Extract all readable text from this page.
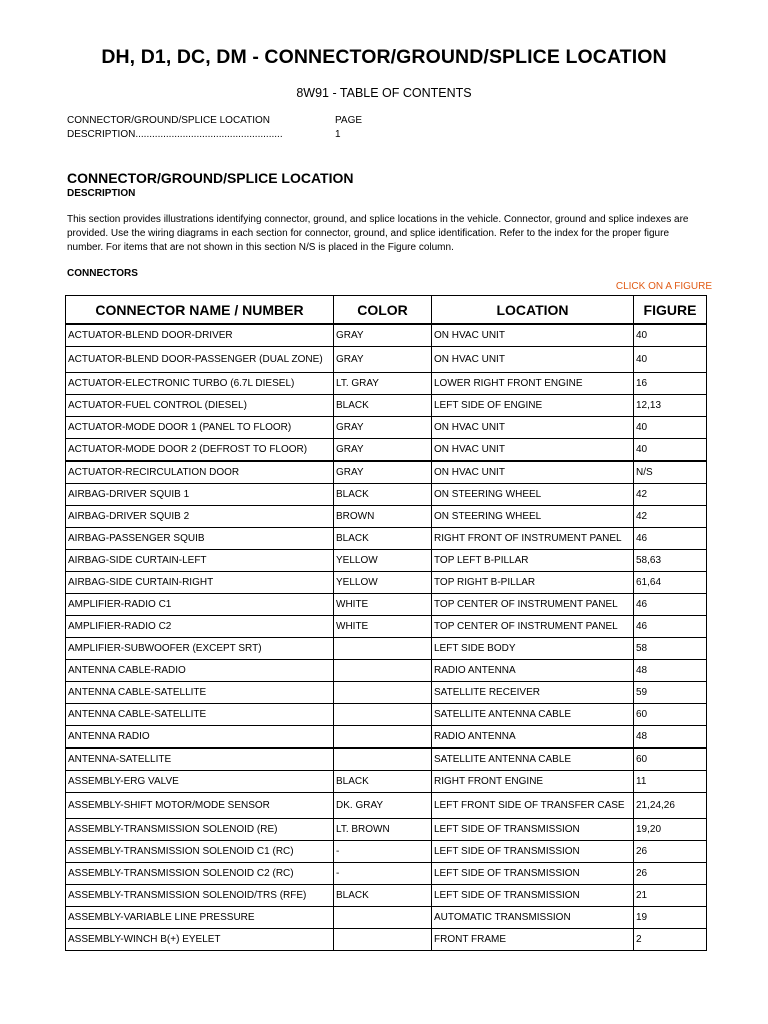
DH, D1, DC, DM - CONNECTOR/GROUND/SPLICE LOCATION
8W91 - TABLE OF CONTENTS
CONNECTOR/GROUND/SPLICE LOCATION	PAGE
DESCRIPTION.....................................................	1
CONNECTOR/GROUND/SPLICE LOCATION
DESCRIPTION
This section provides illustrations identifying connector, ground, and splice locations in the vehicle. Connector, ground and splice indexes are provided. Use the wiring diagrams in each section for connector, ground, and splice identification. Refer to the index for the proper figure number. For items that are not shown in this section N/S is placed in the Figure column.
CONNECTORS
CLICK ON A FIGURE
CONNECTOR NAME / NUMBER	COLOR	LOCATION	FIGURE
ACTUATOR-BLEND DOOR-DRIVER	GRAY	ON HVAC UNIT	40
ACTUATOR-BLEND DOOR-PASSENGER (DUAL ZONE)	GRAY	ON HVAC UNIT	40
ACTUATOR-ELECTRONIC TURBO (6.7L DIESEL)	LT. GRAY	LOWER RIGHT FRONT ENGINE	16
ACTUATOR-FUEL CONTROL (DIESEL)	BLACK	LEFT SIDE OF ENGINE	12,13
ACTUATOR-MODE DOOR 1 (PANEL TO FLOOR)	GRAY	ON HVAC UNIT	40
ACTUATOR-MODE DOOR 2 (DEFROST TO FLOOR)	GRAY	ON HVAC UNIT	40
ACTUATOR-RECIRCULATION DOOR	GRAY	ON HVAC UNIT	N/S
AIRBAG-DRIVER SQUIB 1	BLACK	ON STEERING WHEEL	42
AIRBAG-DRIVER SQUIB 2	BROWN	ON STEERING WHEEL	42
AIRBAG-PASSENGER SQUIB	BLACK	RIGHT FRONT OF INSTRUMENT PANEL	46
AIRBAG-SIDE CURTAIN-LEFT	YELLOW	TOP LEFT B-PILLAR	58,63
AIRBAG-SIDE CURTAIN-RIGHT	YELLOW	TOP RIGHT B-PILLAR	61,64
AMPLIFIER-RADIO C1	WHITE	TOP CENTER OF INSTRUMENT PANEL	46
AMPLIFIER-RADIO C2	WHITE	TOP CENTER OF INSTRUMENT PANEL	46
AMPLIFIER-SUBWOOFER (EXCEPT SRT)		LEFT SIDE BODY	58
ANTENNA CABLE-RADIO		RADIO ANTENNA	48
ANTENNA CABLE-SATELLITE		SATELLITE RECEIVER	59
ANTENNA CABLE-SATELLITE		SATELLITE ANTENNA CABLE	60
ANTENNA RADIO		RADIO ANTENNA	48
ANTENNA-SATELLITE		SATELLITE ANTENNA CABLE	60
ASSEMBLY-ERG VALVE	BLACK	RIGHT FRONT ENGINE	11
ASSEMBLY-SHIFT MOTOR/MODE SENSOR	DK. GRAY	LEFT FRONT SIDE OF TRANSFER CASE	21,24,26
ASSEMBLY-TRANSMISSION SOLENOID (RE)	LT. BROWN	LEFT SIDE OF TRANSMISSION	19,20
ASSEMBLY-TRANSMISSION SOLENOID C1 (RC)	-	LEFT SIDE OF TRANSMISSION	26
ASSEMBLY-TRANSMISSION SOLENOID C2 (RC)	-	LEFT SIDE OF TRANSMISSION	26
ASSEMBLY-TRANSMISSION SOLENOID/TRS (RFE)	BLACK	LEFT SIDE OF TRANSMISSION	21
ASSEMBLY-VARIABLE LINE PRESSURE		AUTOMATIC TRANSMISSION	19
ASSEMBLY-WINCH B(+) EYELET		FRONT FRAME	2
